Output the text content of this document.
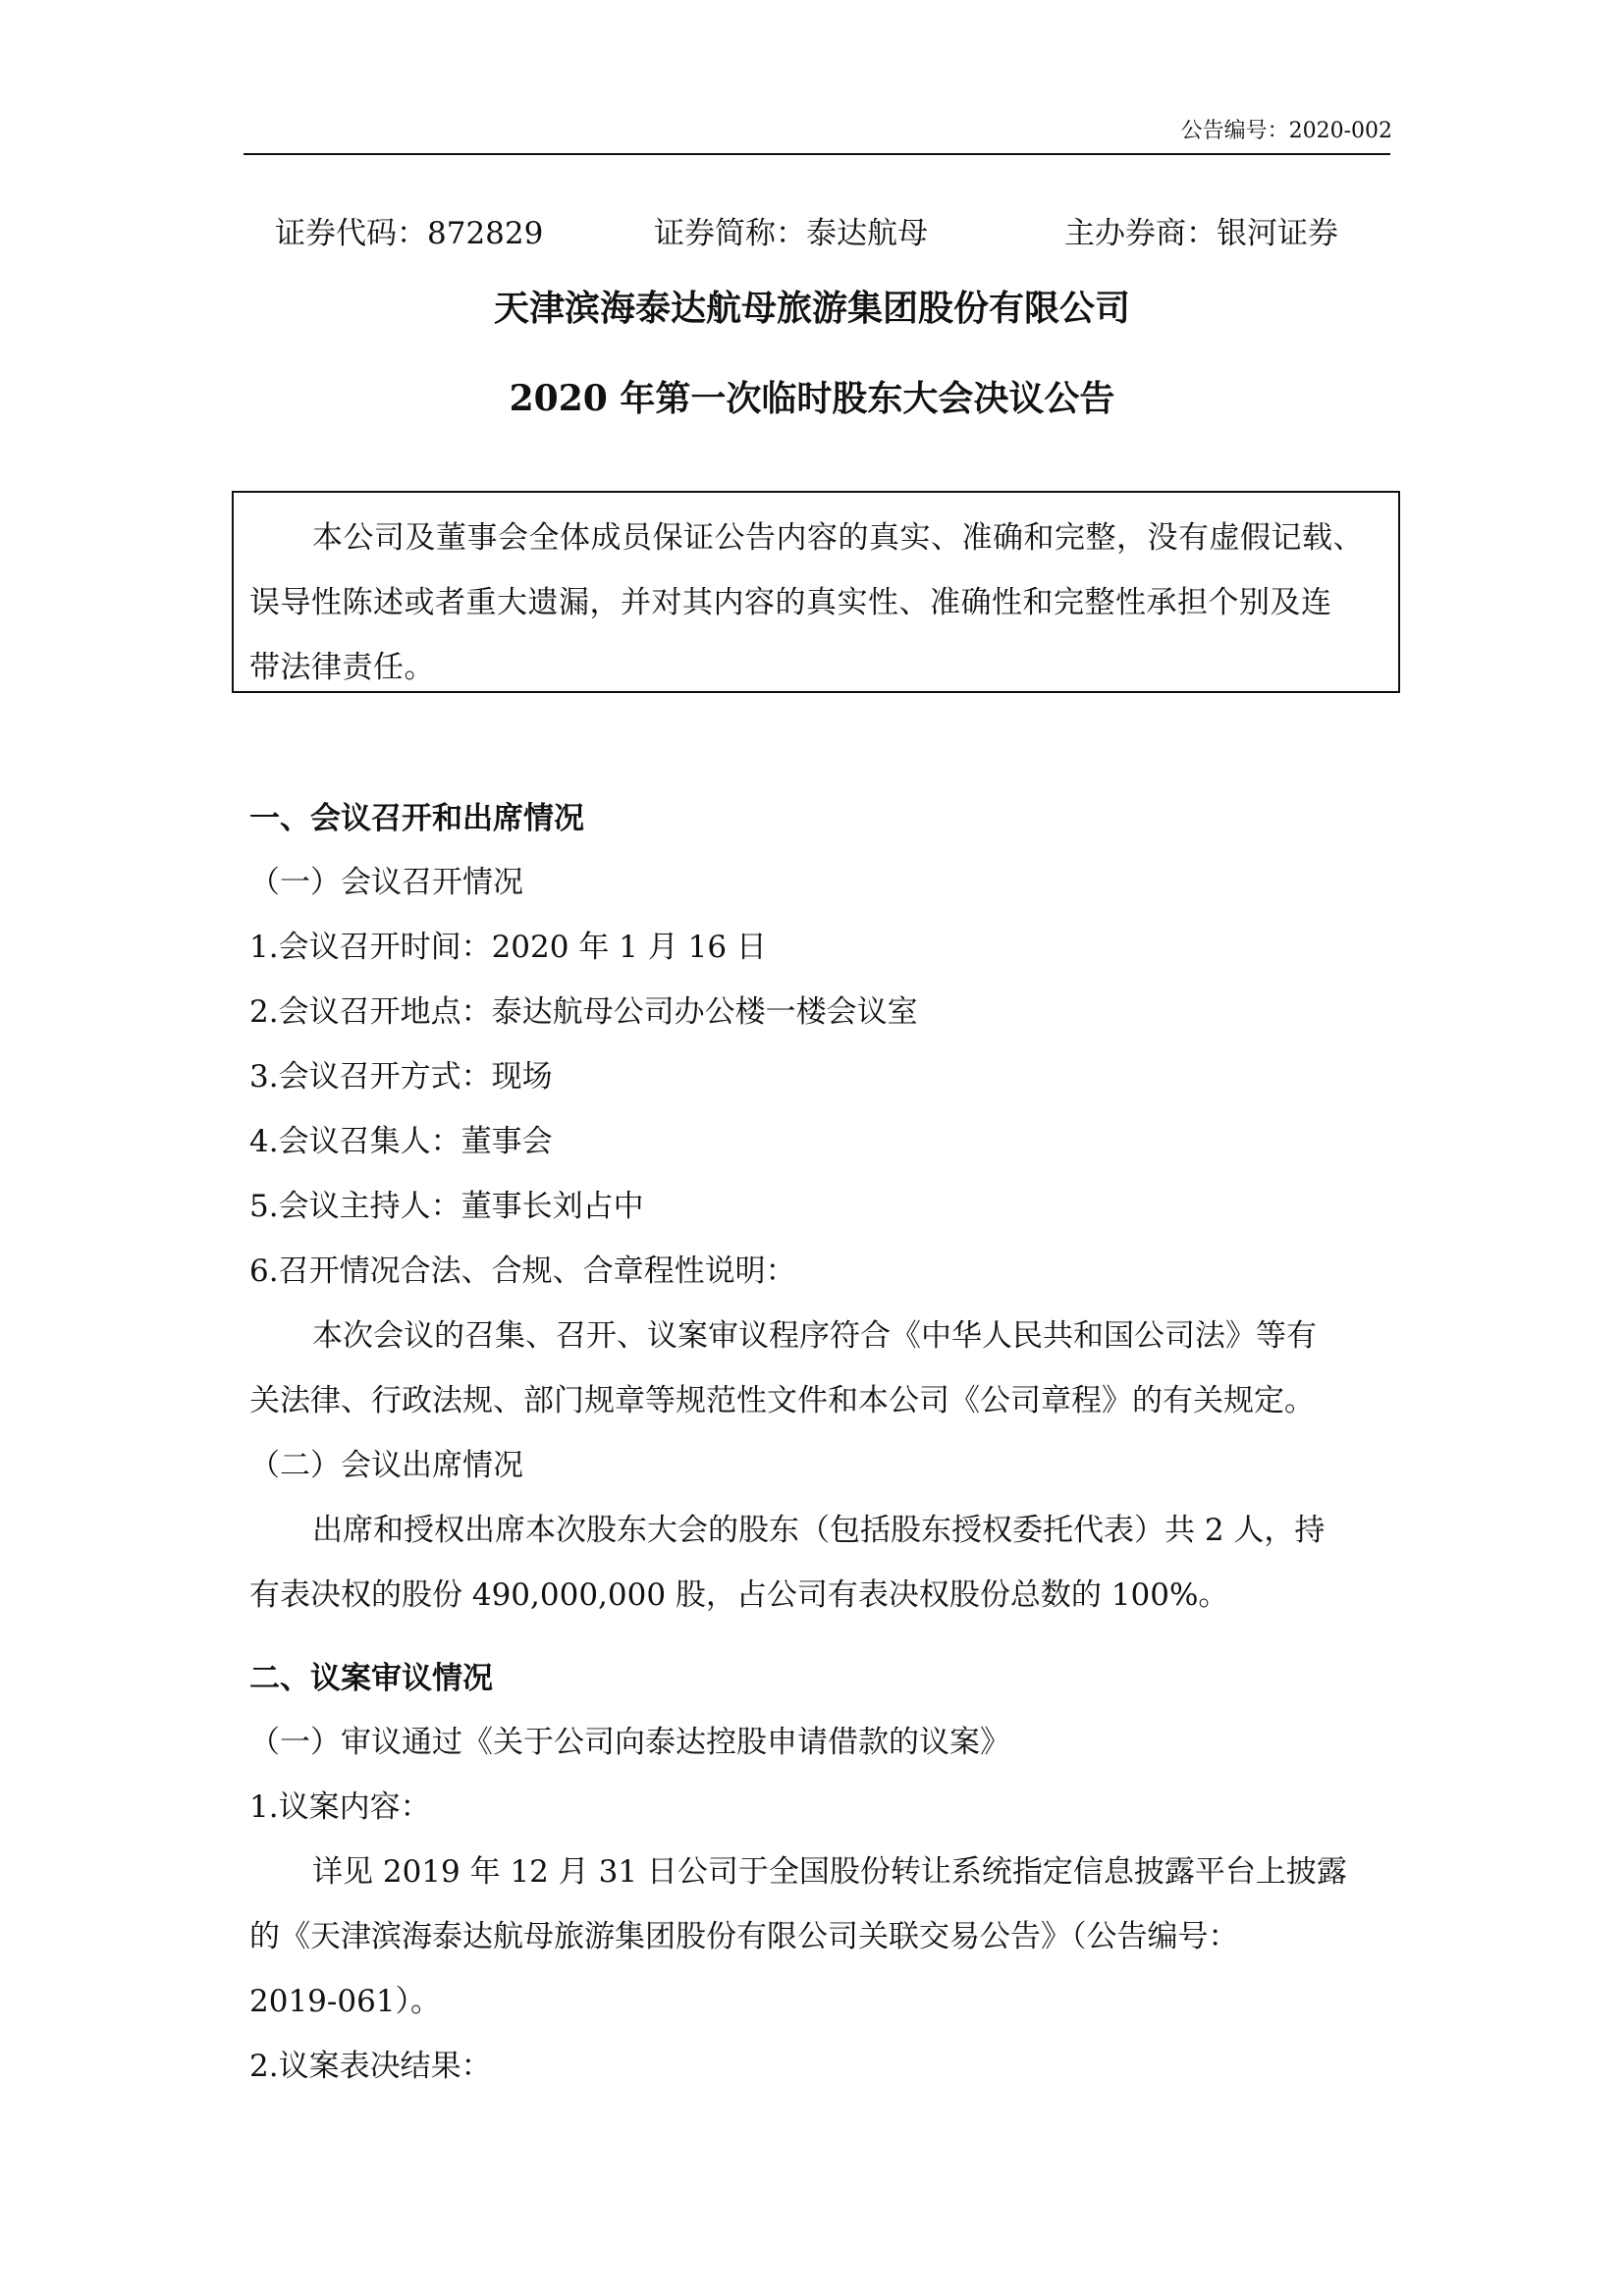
公告编号：2020-002
证券代码：872829	证券简称：泰达航母	主办券商：银河证券
天津滨海泰达航母旅游集团股份有限公司
2020 年第一次临时股东大会决议公告
本公司及董事会全体成员保证公告内容的真实、准确和完整，没有虚假记载、
误导性陈述或者重大遗漏，并对其内容的真实性、准确性和完整性承担个别及连
带法律责任。
一、会议召开和出席情况
（一）会议召开情况
1.会议召开时间：2020 年 1 月 16 日
2.会议召开地点：泰达航母公司办公楼一楼会议室
3.会议召开方式：现场
4.会议召集人：董事会
5.会议主持人：董事长刘占中
6.召开情况合法、合规、合章程性说明：
本次会议的召集、召开、议案审议程序符合《中华人民共和国公司法》等有
关法律、行政法规、部门规章等规范性文件和本公司《公司章程》的有关规定。
（二）会议出席情况
出席和授权出席本次股东大会的股东（包括股东授权委托代表）共 2 人，持
有表决权的股份 490,000,000 股，占公司有表决权股份总数的 100%。
二、议案审议情况
（一）审议通过《关于公司向泰达控股申请借款的议案》
1.议案内容：
详见 2019 年 12 月 31 日公司于全国股份转让系统指定信息披露平台上披露
的《天津滨海泰达航母旅游集团股份有限公司关联交易公告》（公告编号：
2019-061）。
2.议案表决结果：
